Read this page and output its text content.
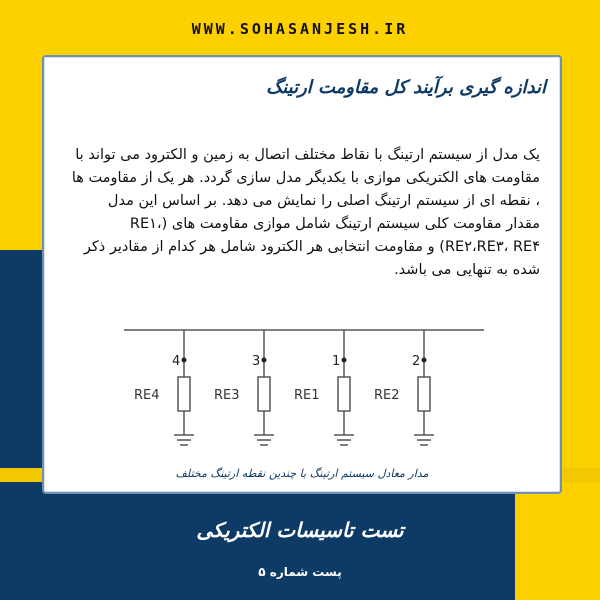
WWW.SOHASANJESH.IR
اندازه گیری برآیند کل مقاومت ارتینگ
یک مدل از سیستم ارتینگ با نقاط مختلف اتصال به زمین و الکترود می تواند با مقاومت های الکتریکی موازی با یکدیگر مدل سازی گردد. هر یک از مقاومت ها ، نقطه ای از سیستم ارتینگ اصلی را نمایش می دهد. بر اساس این مدل مقدار مقاومت کلی سیستم ارتینگ شامل موازی مقاومت های (RE۱، RE۲،RE۳، RE۴) و مقاومت انتخابی هر الکترود شامل هر کدام از مقادیر ذکر شده به تنهایی می باشد.
4
RE4
3
RE3
1
RE1
2
RE2
مدار معادل سیستم ارتینگ با چندین نقطه ارتینگ مختلف
تست تاسیسات الکتریکی
پست شماره ۵
